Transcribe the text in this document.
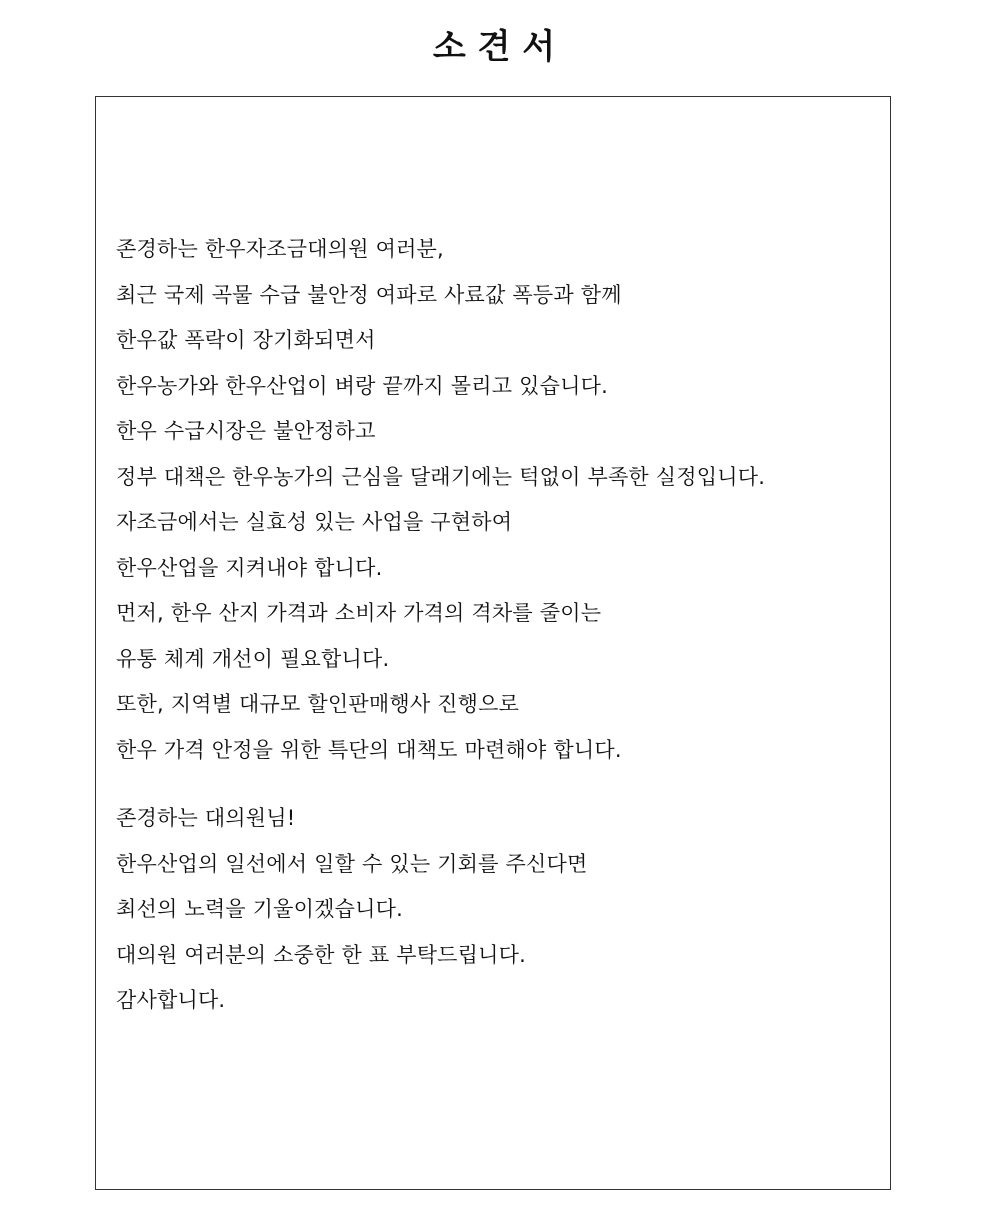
소 견 서
존경하는 한우자조금대의원 여러분,
최근 국제 곡물 수급 불안정 여파로 사료값 폭등과 함께
한우값 폭락이 장기화되면서
한우농가와 한우산업이 벼랑 끝까지 몰리고 있습니다.
한우 수급시장은 불안정하고
정부 대책은 한우농가의 근심을 달래기에는 턱없이 부족한 실정입니다.
자조금에서는 실효성 있는 사업을 구현하여
한우산업을 지켜내야 합니다.
먼저, 한우 산지 가격과 소비자 가격의 격차를 줄이는
유통 체계 개선이 필요합니다.
또한, 지역별 대규모 할인판매행사 진행으로
한우 가격 안정을 위한 특단의 대책도 마련해야 합니다.
존경하는 대의원님!
한우산업의 일선에서 일할 수 있는 기회를 주신다면
최선의 노력을 기울이겠습니다.
대의원 여러분의 소중한 한 표 부탁드립니다.
감사합니다.
